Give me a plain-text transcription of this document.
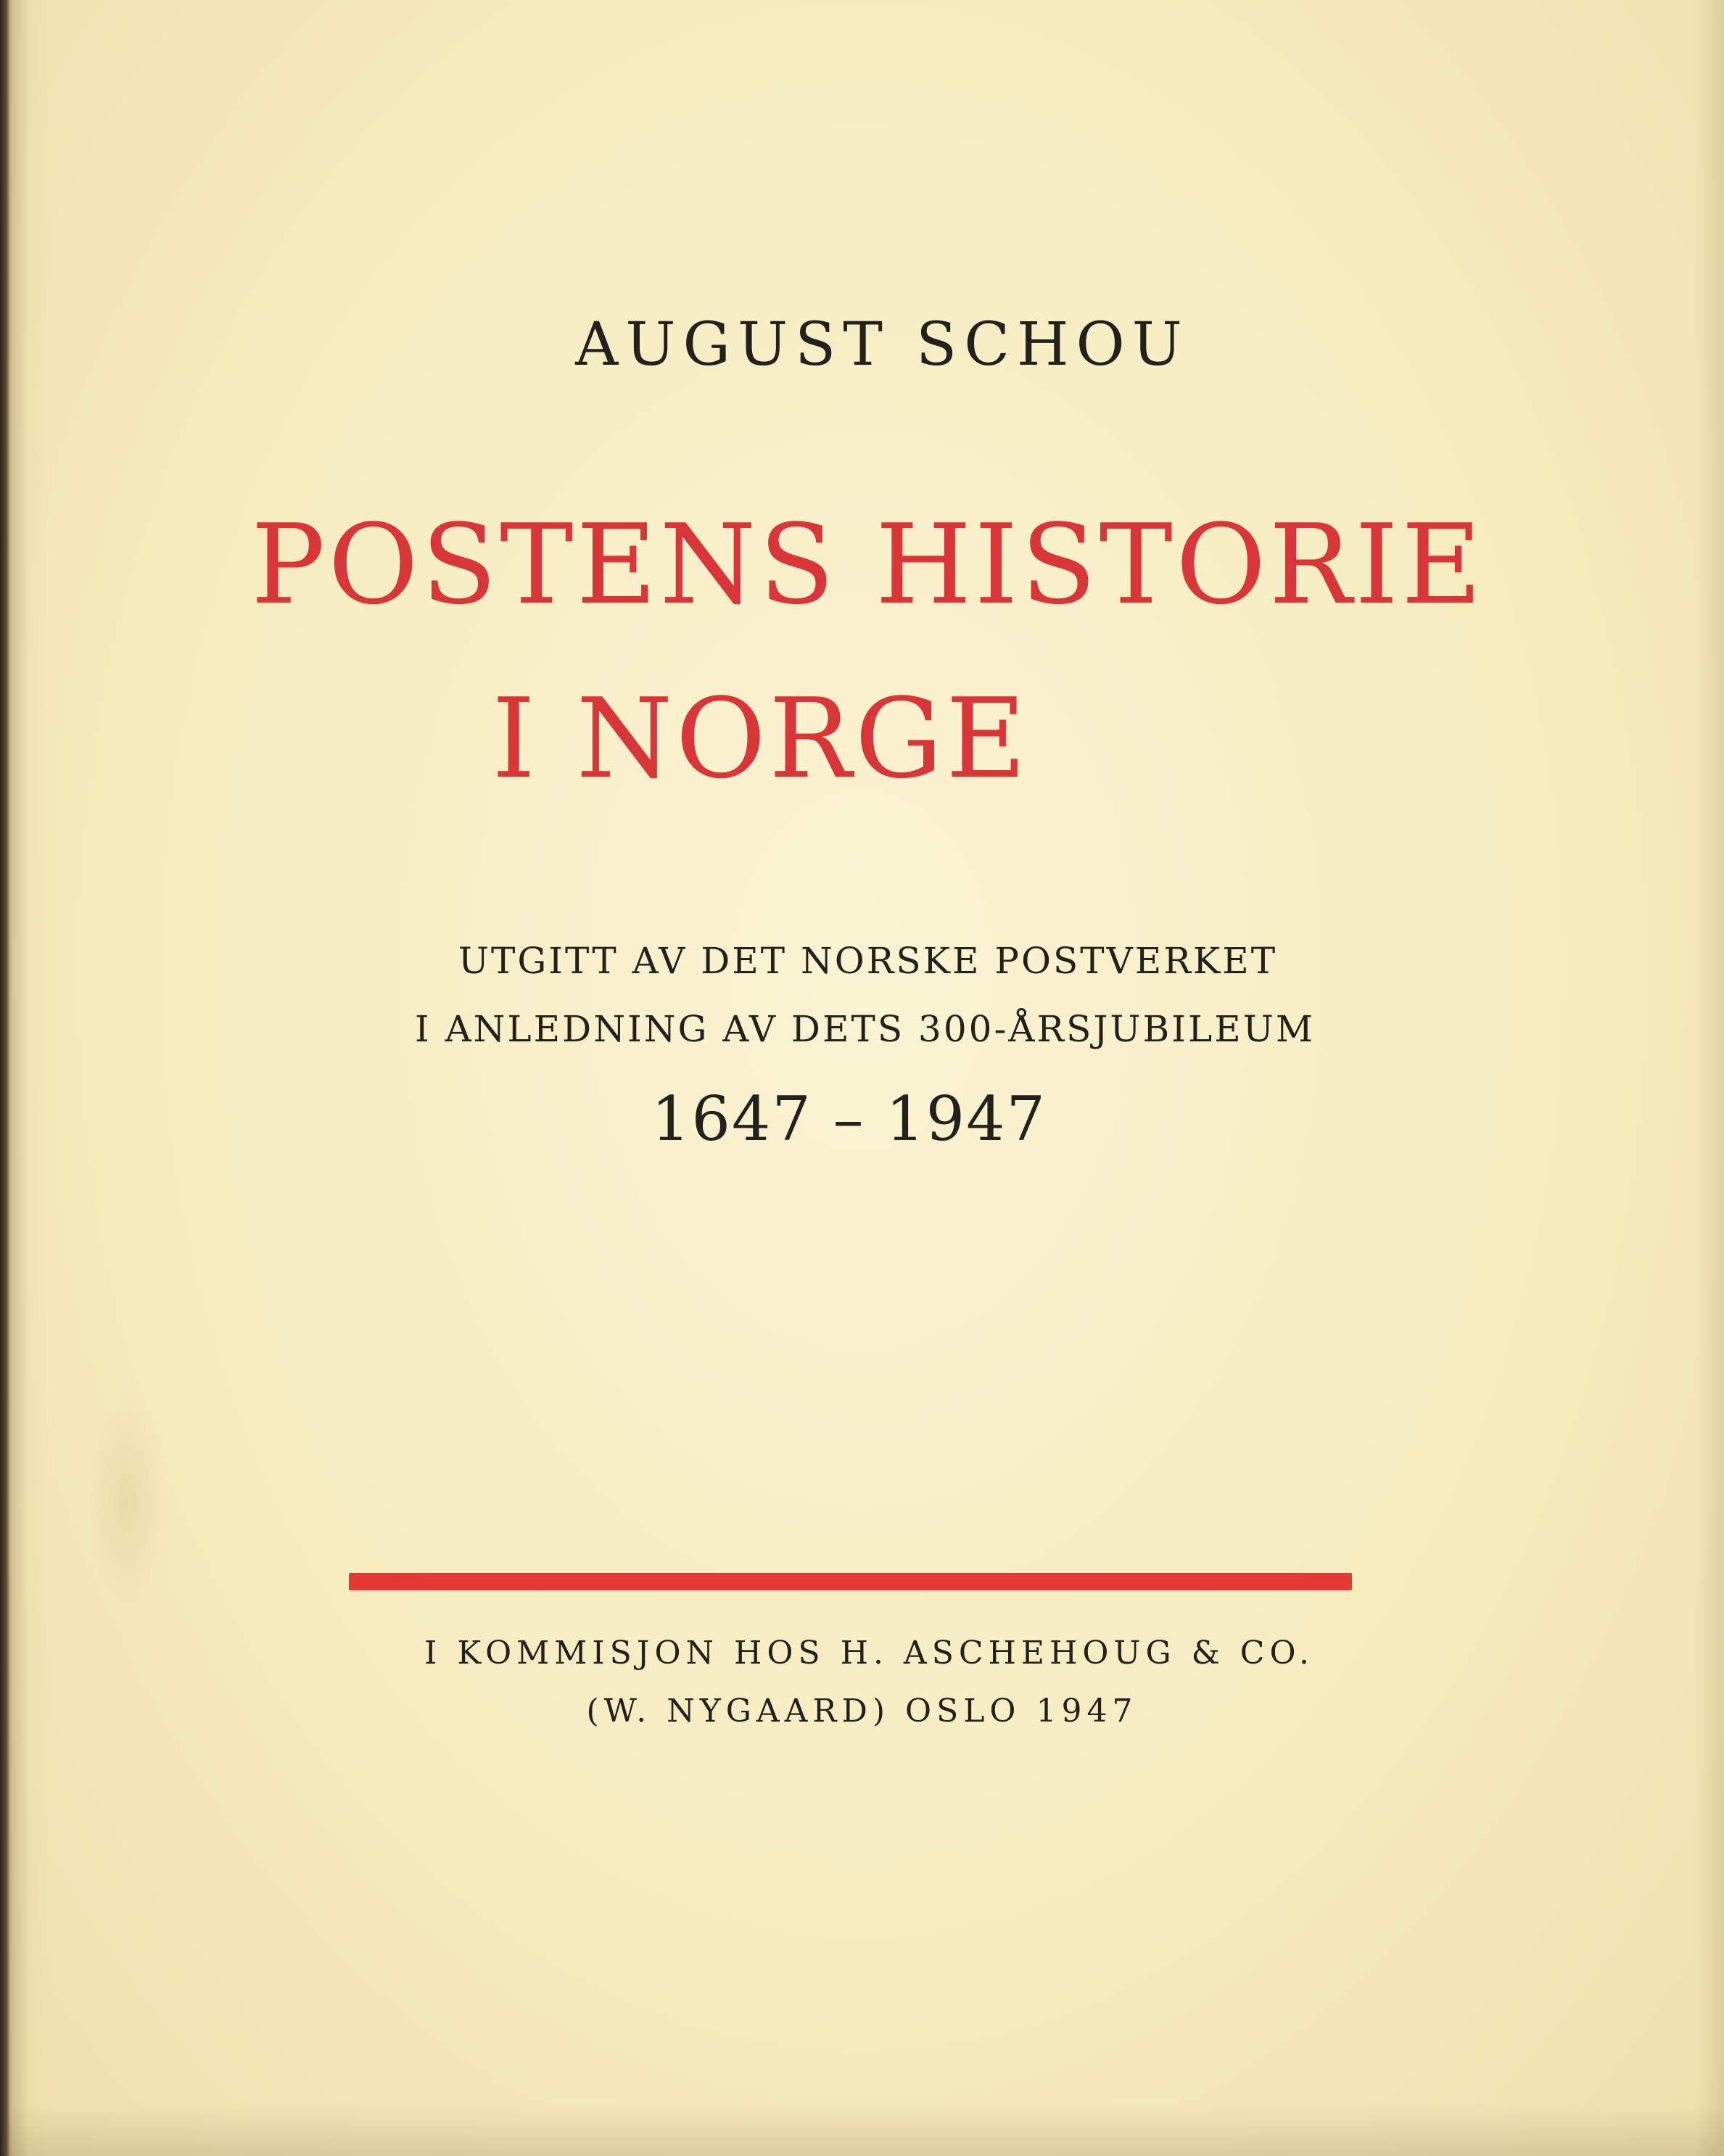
AUGUST SCHOU
POSTENS HISTORIE
I NORGE

UTGITT AV DET NORSKE POSTVERKET

I ANLEDNING AV DETS 300-ÅRSJUBILEUM

1647 – 1947

I KOMMISJON HOS H. ASCHEHOUG & CO.

(W. NYGAARD) OSLO 1947
